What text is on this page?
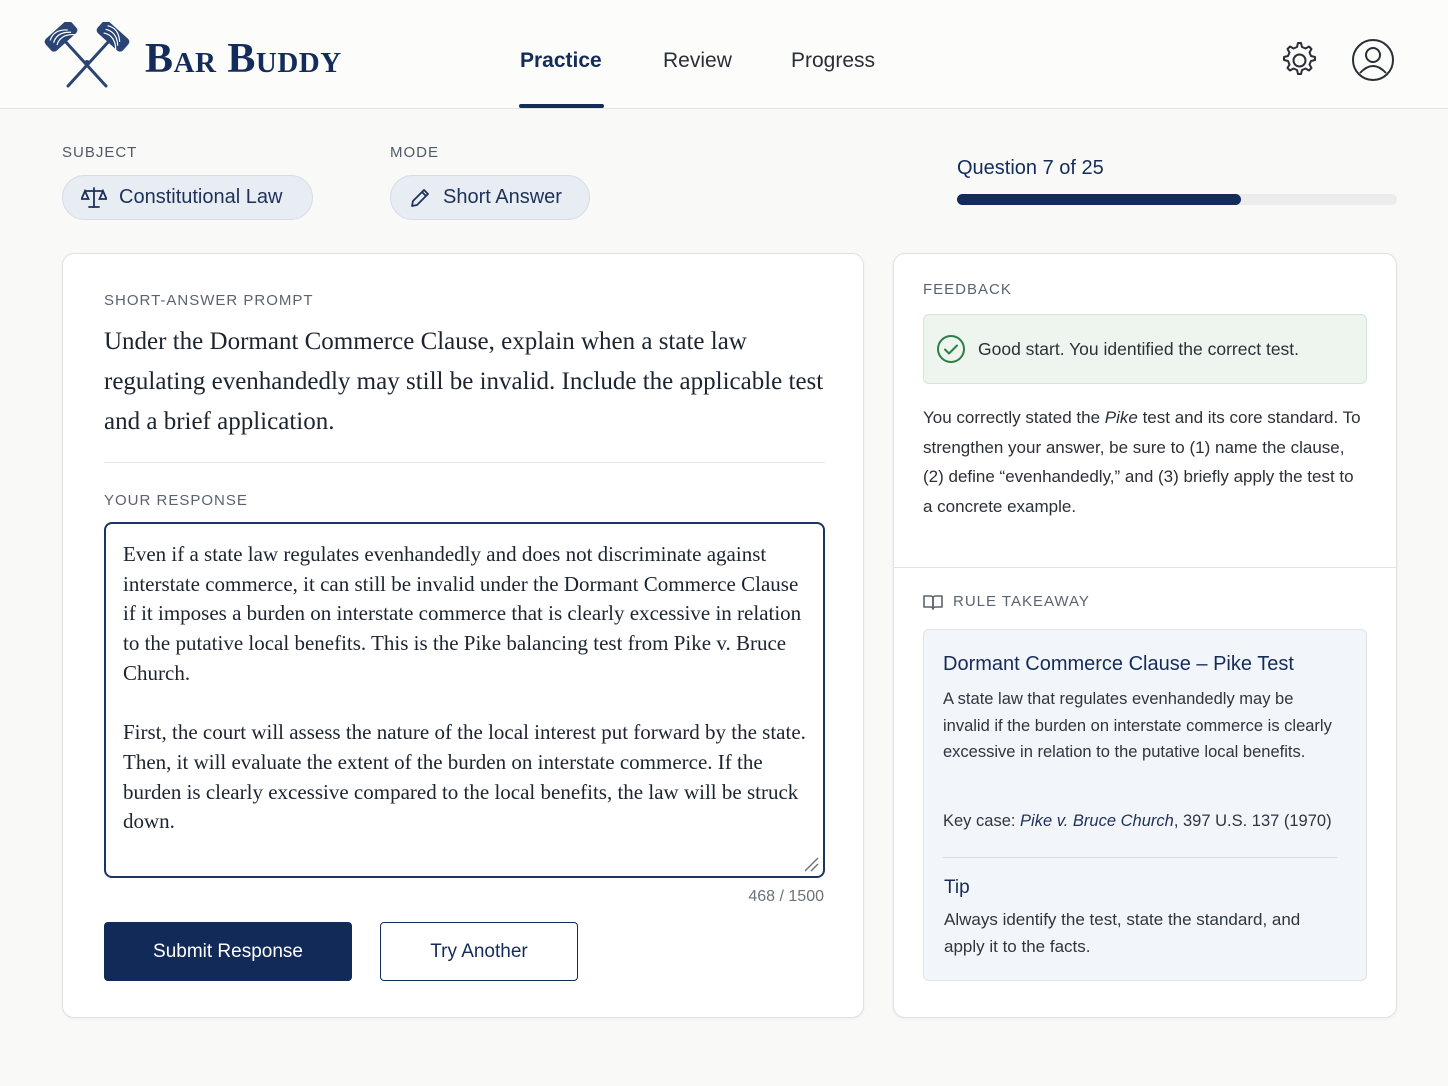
Bar Buddy	Practice	Review	Progress
SUBJECT
Constitutional Law
MODE
Short Answer
Question 7 of 25
SHORT-ANSWER PROMPT
Under the Dormant Commerce Clause, explain when a state law regulating evenhandedly may still be invalid. Include the applicable test and a brief application.
YOUR RESPONSE
Even if a state law regulates evenhandedly and does not discriminate against interstate commerce, it can still be invalid under the Dormant Commerce Clause if it imposes a burden on interstate commerce that is clearly excessive in relation to the putative local benefits. This is the Pike balancing test from Pike v. Bruce Church.

First, the court will assess the nature of the local interest put forward by the state. Then, it will evaluate the extent of the burden on interstate commerce. If the burden is clearly excessive compared to the local benefits, the law will be struck down.

468 / 1500
Submit Response	Try Another
FEEDBACK
Good start. You identified the correct test.
You correctly stated the Pike test and its core standard. To strengthen your answer, be sure to (1) name the clause, (2) define “evenhandedly,” and (3) briefly apply the test to a concrete example.
RULE TAKEAWAY
Dormant Commerce Clause – Pike Test
A state law that regulates evenhandedly may be invalid if the burden on interstate commerce is clearly excessive in relation to the putative local benefits.
Key case: Pike v. Bruce Church, 397 U.S. 137 (1970)
Tip
Always identify the test, state the standard, and apply it to the facts.
